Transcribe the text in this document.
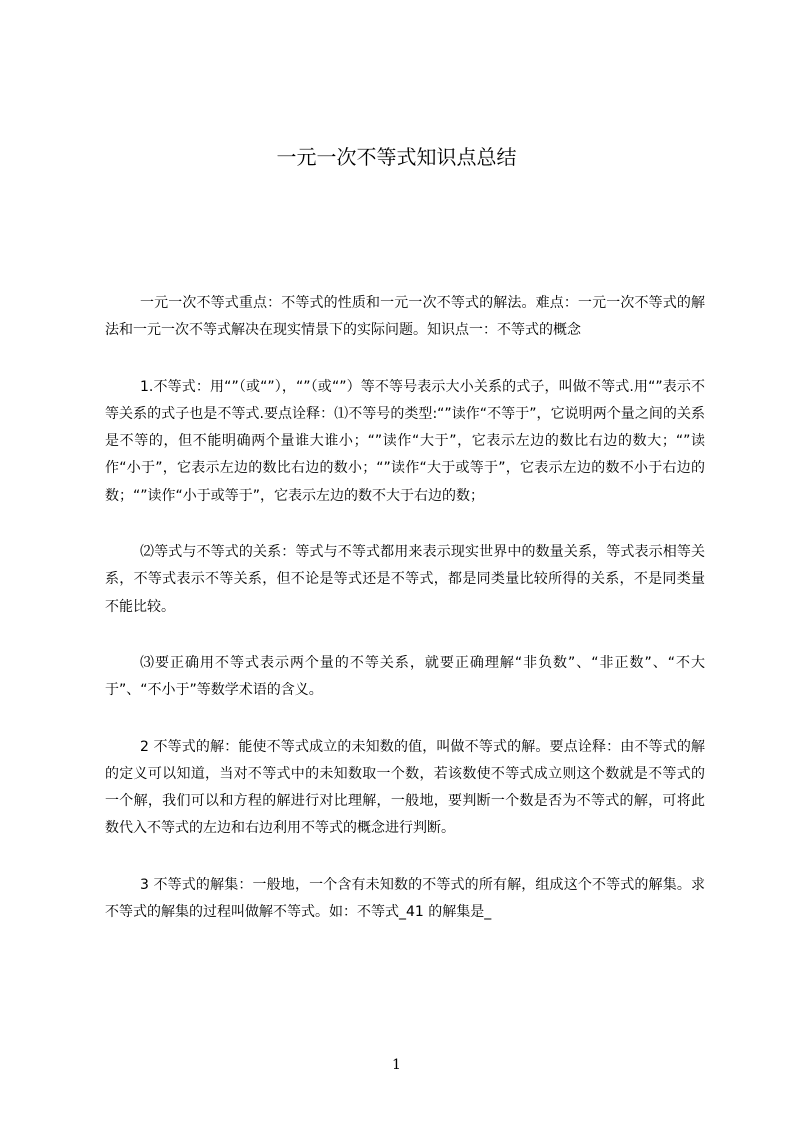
一元一次不等式知识点总结

一元一次不等式重点：不等式的性质和一元一次不等式的解法。难点：一元一次不等式的解法和一元一次不等式解决在现实情景下的实际问题。知识点一：不等式的概念

1.不等式：用“”（或“”），“”（或“”）等不等号表示大小关系的式子，叫做不等式.用“”表示不等关系的式子也是不等式.要点诠释：⑴不等号的类型:“”读作“不等于”，它说明两个量之间的关系是不等的，但不能明确两个量谁大谁小；“”读作“大于”，它表示左边的数比右边的数大；“”读作“小于”，它表示左边的数比右边的数小；“”读作“大于或等于”，它表示左边的数不小于右边的数；“”读作“小于或等于”，它表示左边的数不大于右边的数；

⑵等式与不等式的关系：等式与不等式都用来表示现实世界中的数量关系，等式表示相等关系，不等式表示不等关系，但不论是等式还是不等式，都是同类量比较所得的关系，不是同类量不能比较。

⑶要正确用不等式表示两个量的不等关系，就要正确理解“非负数”、“非正数”、“不大于”、“不小于”等数学术语的含义。

2 不等式的解：能使不等式成立的未知数的值，叫做不等式的解。要点诠释：由不等式的解的定义可以知道，当对不等式中的未知数取一个数，若该数使不等式成立则这个数就是不等式的一个解，我们可以和方程的解进行对比理解，一般地，要判断一个数是否为不等式的解，可将此数代入不等式的左边和右边利用不等式的概念进行判断。

3 不等式的解集：一般地，一个含有未知数的不等式的所有解，组成这个不等式的解集。求不等式的解集的过程叫做解不等式。如：不等式_41 的解集是_

1
